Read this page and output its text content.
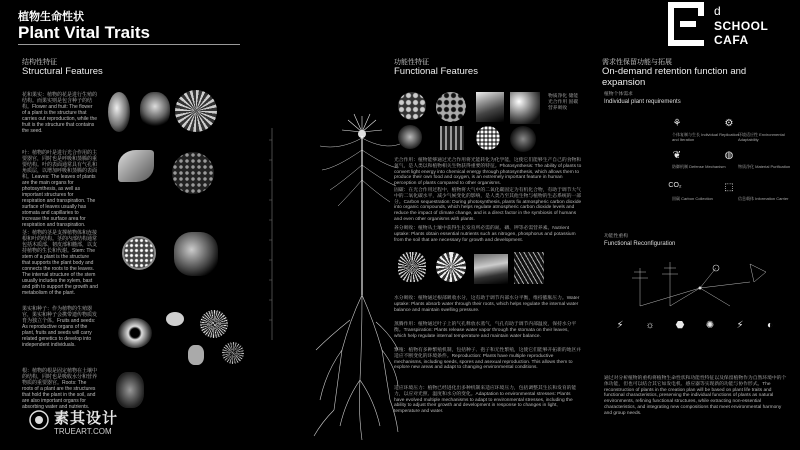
植物生命性状
Plant Vital Traits
d
SCHOOL
CAFA
结构性特征
Structural Features
花和果实：植物的花是进行生殖的结构。而果实则是包含种子的结构。Flower and fruit: The flower of a plant is the structure that carries out reproduction, while the fruit is the structure that contains the seed.
叶：植物的叶是进行光合作用的主要器官，同时也是呼吸和蒸腾的重要结构。叶的表面通常具有气孔和角质层，以增加呼吸和蒸腾的表面积。Leaves: The leaves of plants are the main organs for photosynthesis, as well as important structures for respiration and transpiration. The surface of leaves usually has stomata and capillaries to increase the surface area for respiration and transpiration.
茎：植物的茎是支撑植物体和连接根和叶的结构。茎的内部结构通常包括木质部、韧皮部和髓部，以支持植物的生长和代谢。Stem: The stem of a plant is the structure that supports the plant body and connects the roots to the leaves. The internal structure of the stem usually includes the xylem, bast and pith to support the growth and metabolism of the plant.
果实和种子：作为植物的生殖器官，果实和种子会携带遗传物质发育为独立个体。Fruits and seeds: As reproductive organs of the plant, fruits and seeds will carry related genetics to develop into independent individuals.
根：植物的根是固定植物在土壤中的结构，同时也是吸收水分和营养物质的重要器官。Roots: The roots of a plant are the structures that hold the plant in the soil, and are also important organs for absorbing water and nutrients.
功能性特征
Functional Features
物质净化 储能 光合作用 固碳 营养吸收
光合作用：植物能够通过光合作用将光能转化为化学能，这使它们能够生产自己的食物和氧气，是人类以和植物相关生物获得重要的特征。Photosynthesis: The ability of plants to convert light energy into chemical energy through photosynthesis, which allows them to produce their own food and oxygen, is an extremely important feature in human perception of plants compared to other organisms.
固碳：在光合作用过程中，植物将大气中的二氧化碳固定为有机化合物，有助于调节大气中的二氧化碳水平，减少气候变化的影响，是人类乃至其他生物与植物的生态系统的一部分。Carbon sequestration: During photosynthesis, plants fix atmospheric carbon dioxide into organic compounds, which helps regulate atmospheric carbon dioxide levels and reduce the impact of climate change, and is a direct factor in the symbiosis of humans and even other organisms with plants.
养分吸收：植物从土壤中获得生长发育所必需的氮、磷、钾等必需营养素。Nutrient uptake: Plants obtain essential nutrients such as nitrogen, phosphorus and potassium from the soil that are necessary for growth and development.
水分吸收：植物通过根部吸收水分，这有助于调节内部水分平衡，维持膨胀压力。Water uptake: Plants absorb water through their roots, which helps regulate the internal water balance and maintain swelling pressure.
蒸腾作用：植物通过叶子上的气孔释放水蒸气，气孔有助于调节内部温度，保持水分平衡。Transpiration: Plants release water vapor through the stomata on their leaves, which help regulate internal temperature and maintain water balance.
繁殖：植物有多种繁殖机制，包括种子、孢子和无性繁殖，这使它们能够开拓新的地区并适应不断变化的环境条件。Reproduction: Plants have multiple reproductive mechanisms, including seeds, spores and asexual reproduction. This allows them to explore new areas and adapt to changing environmental conditions.
适应环境压力：植物已经进化出多种机制来适应环境压力，包括调整其生长和发育的能力，以应对光照、温度和水分的变化。Adaptation to environmental stresses: Plants have evolved multiple mechanisms to adapt to environmental stresses, including the ability to adjust their growth and development in response to changes in light, temperature and water.
需求性保留功能与拓展
On-demand retention function and expansion
植物个体需求
Individual plant requirements
⚘
个体复制与生长 Individual Replication and Iteration
⚙
环境适应性 Environmental Adaptability
❦
防御机制 Defense Mechanism
◍
物质净化 Material Purification
CO₂
固碳 Carbon Collection
⬚
信息载体 Information Carrier
功能性重构
Functional Reconfiguration
⚡	☼	⬣	✺	⚡	◐
通过对分析植物的重构将植物生命性状和功能性特征以及保留植物作为自然环境中的个体功能，但也可以结合其它如发电机、感应器等实现新的功能与协作形式。The reconstruction of plants in the creation plan will be based on plant life traits and functional characteristics, preserving the individual functions of plants as natural environments, refining functional structures, while extracting non-essential characteristics, and integrating new compositions that meet environmental harmony and group needs.
素其设计
TRUEART.COM
